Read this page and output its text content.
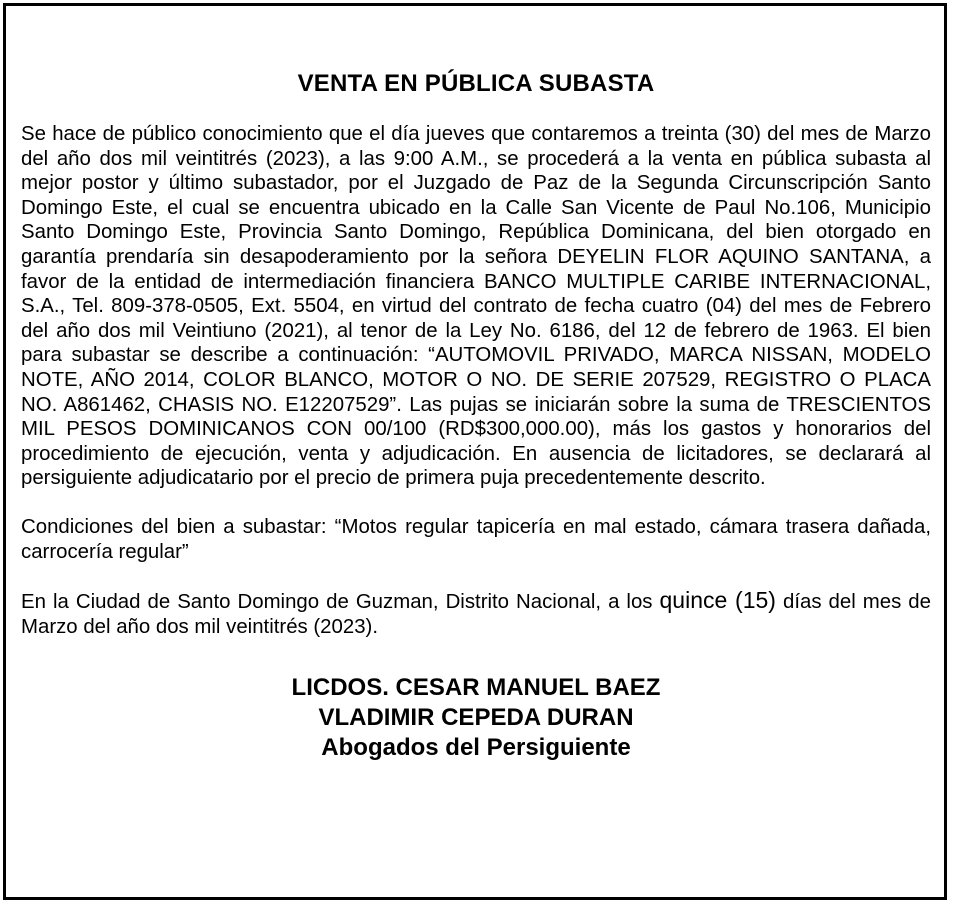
VENTA EN PÚBLICA SUBASTA

Se hace de público conocimiento que el día jueves que contaremos a treinta (30) del mes de Marzo del año dos mil veintitrés (2023), a las 9:00 A.M., se procederá a la venta en pública subasta al mejor postor y último subastador, por el Juzgado de Paz de la Segunda Circunscripción Santo Domingo Este, el cual se encuentra ubicado en la Calle San Vicente de Paul No.106, Municipio Santo Domingo Este, Provincia Santo Domingo, República Dominicana, del bien otorgado en garantía prendaría sin desapoderamiento por la señora DEYELIN FLOR AQUINO SANTANA, a favor de la entidad de intermediación financiera BANCO MULTIPLE CARIBE INTERNACIONAL, S.A., Tel. 809-378-0505, Ext. 5504, en virtud del contrato de fecha cuatro (04) del mes de Febrero del año dos mil Veintiuno (2021), al tenor de la Ley No. 6186, del 12 de febrero de 1963. El bien para subastar se describe a continuación: “AUTOMOVIL PRIVADO, MARCA NISSAN, MODELO NOTE, AÑO 2014, COLOR BLANCO, MOTOR O NO. DE SERIE 207529, REGISTRO O PLACA NO. A861462, CHASIS NO. E12207529”. Las pujas se iniciarán sobre la suma de TRESCIENTOS MIL PESOS DOMINICANOS CON 00/100 (RD$300,000.00), más los gastos y honorarios del procedimiento de ejecución, venta y adjudicación. En ausencia de licitadores, se declarará al persiguiente adjudicatario por el precio de primera puja precedentemente descrito.

Condiciones del bien a subastar: “Motos regular tapicería en mal estado, cámara trasera dañada, carrocería regular”

En la Ciudad de Santo Domingo de Guzman, Distrito Nacional, a los quince (15) días del mes de Marzo del año dos mil veintitrés (2023).

LICDOS. CESAR MANUEL BAEZ
VLADIMIR CEPEDA DURAN
Abogados del Persiguiente
